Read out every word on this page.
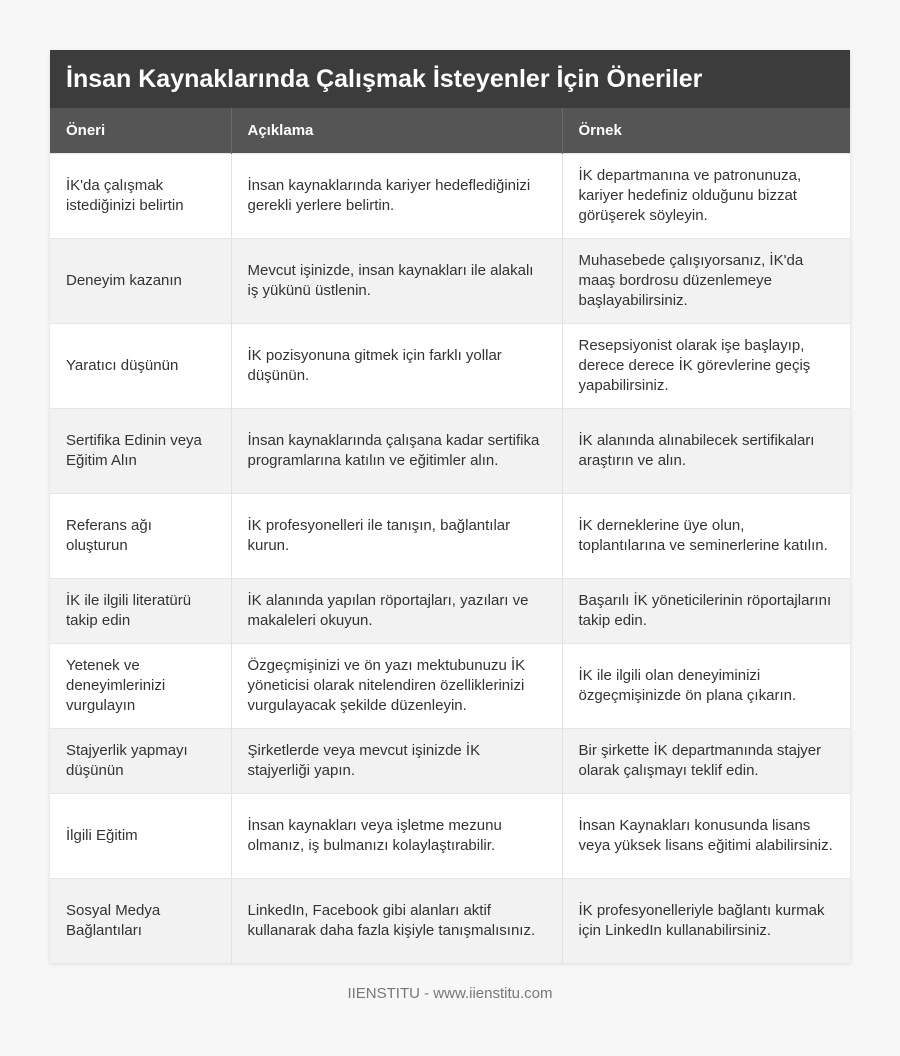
İnsan Kaynaklarında Çalışmak İsteyenler İçin Öneriler
Öneri	Açıklama	Örnek
İK'da çalışmak istediğinizi belirtin	İnsan kaynaklarında kariyer hedeflediğinizi gerekli yerlere belirtin.	İK departmanına ve patronunuza, kariyer hedefiniz olduğunu bizzat görüşerek söyleyin.
Deneyim kazanın	Mevcut işinizde, insan kaynakları ile alakalı iş yükünü üstlenin.	Muhasebede çalışıyorsanız, İK'da maaş bordrosu düzenlemeye başlayabilirsiniz.
Yaratıcı düşünün	İK pozisyonuna gitmek için farklı yollar düşünün.	Resepsiyonist olarak işe başlayıp, derece derece İK görevlerine geçiş yapabilirsiniz.
Sertifika Edinin veya Eğitim Alın	İnsan kaynaklarında çalışana kadar sertifika programlarına katılın ve eğitimler alın.	İK alanında alınabilecek sertifikaları araştırın ve alın.
Referans ağı oluşturun	İK profesyonelleri ile tanışın, bağlantılar kurun.	İK derneklerine üye olun, toplantılarına ve seminerlerine katılın.
İK ile ilgili literatürü takip edin	İK alanında yapılan röportajları, yazıları ve makaleleri okuyun.	Başarılı İK yöneticilerinin röportajlarını takip edin.
Yetenek ve deneyimlerinizi vurgulayın	Özgeçmişinizi ve ön yazı mektubunuzu İK yöneticisi olarak nitelendiren özelliklerinizi vurgulayacak şekilde düzenleyin.	İK ile ilgili olan deneyiminizi özgeçmişinizde ön plana çıkarın.
Stajyerlik yapmayı düşünün	Şirketlerde veya mevcut işinizde İK stajyerliği yapın.	Bir şirkette İK departmanında stajyer olarak çalışmayı teklif edin.
İlgili Eğitim	İnsan kaynakları veya işletme mezunu olmanız, iş bulmanızı kolaylaştırabilir.	İnsan Kaynakları konusunda lisans veya yüksek lisans eğitimi alabilirsiniz.
Sosyal Medya Bağlantıları	LinkedIn, Facebook gibi alanları aktif kullanarak daha fazla kişiyle tanışmalısınız.	İK profesyonelleriyle bağlantı kurmak için LinkedIn kullanabilirsiniz.
IIENSTITU - www.iienstitu.com
